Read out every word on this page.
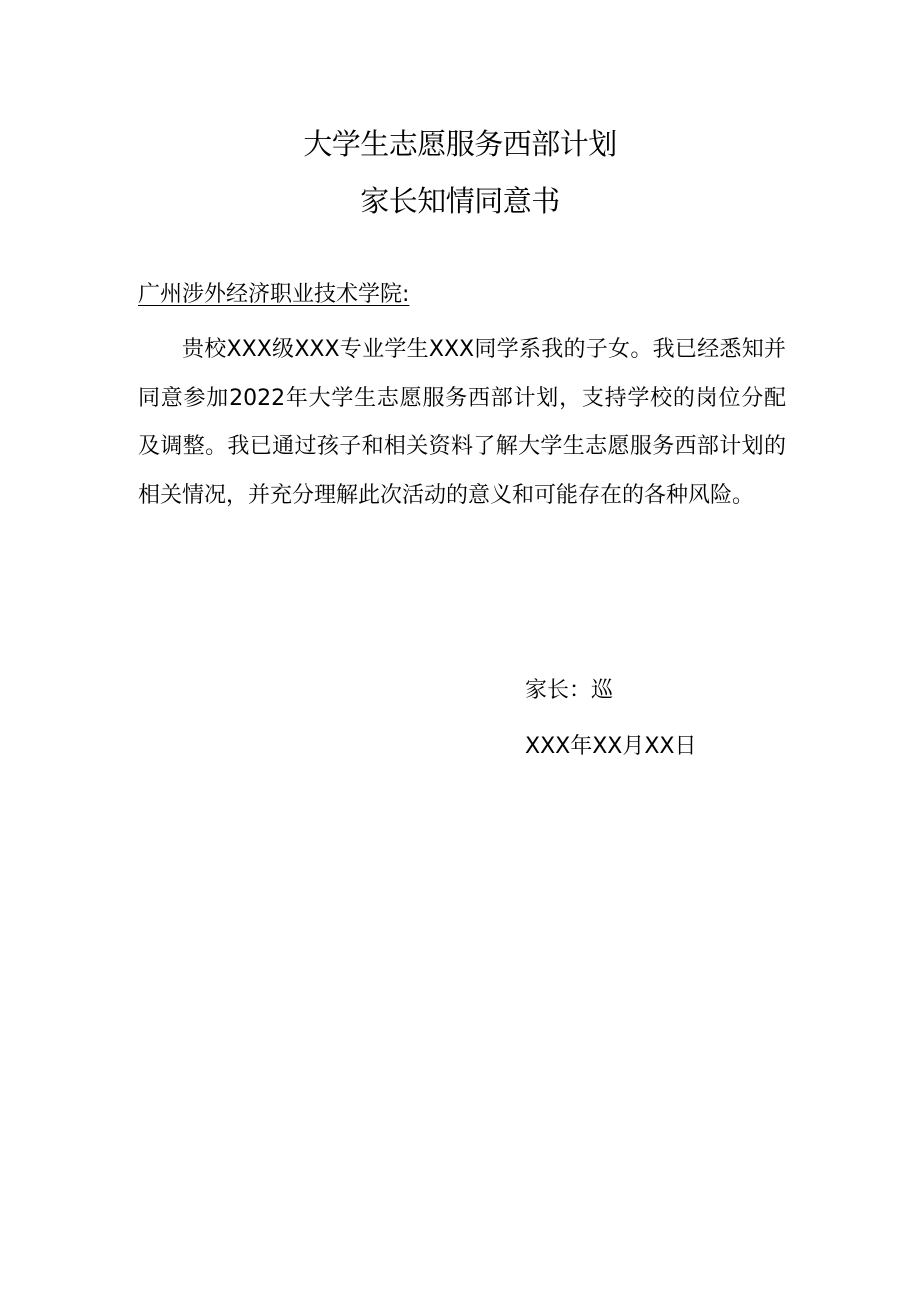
大学生志愿服务西部计划
家长知情同意书
广州涉外经济职业技术学院:
贵校XXX级XXX专业学生XXX同学系我的子女。我已经悉知并同意参加2022年大学生志愿服务西部计划，支持学校的岗位分配及调整。我已通过孩子和相关资料了解大学生志愿服务西部计划的相关情况，并充分理解此次活动的意义和可能存在的各种风险。
家长：巡
XXX年XX月XX日
